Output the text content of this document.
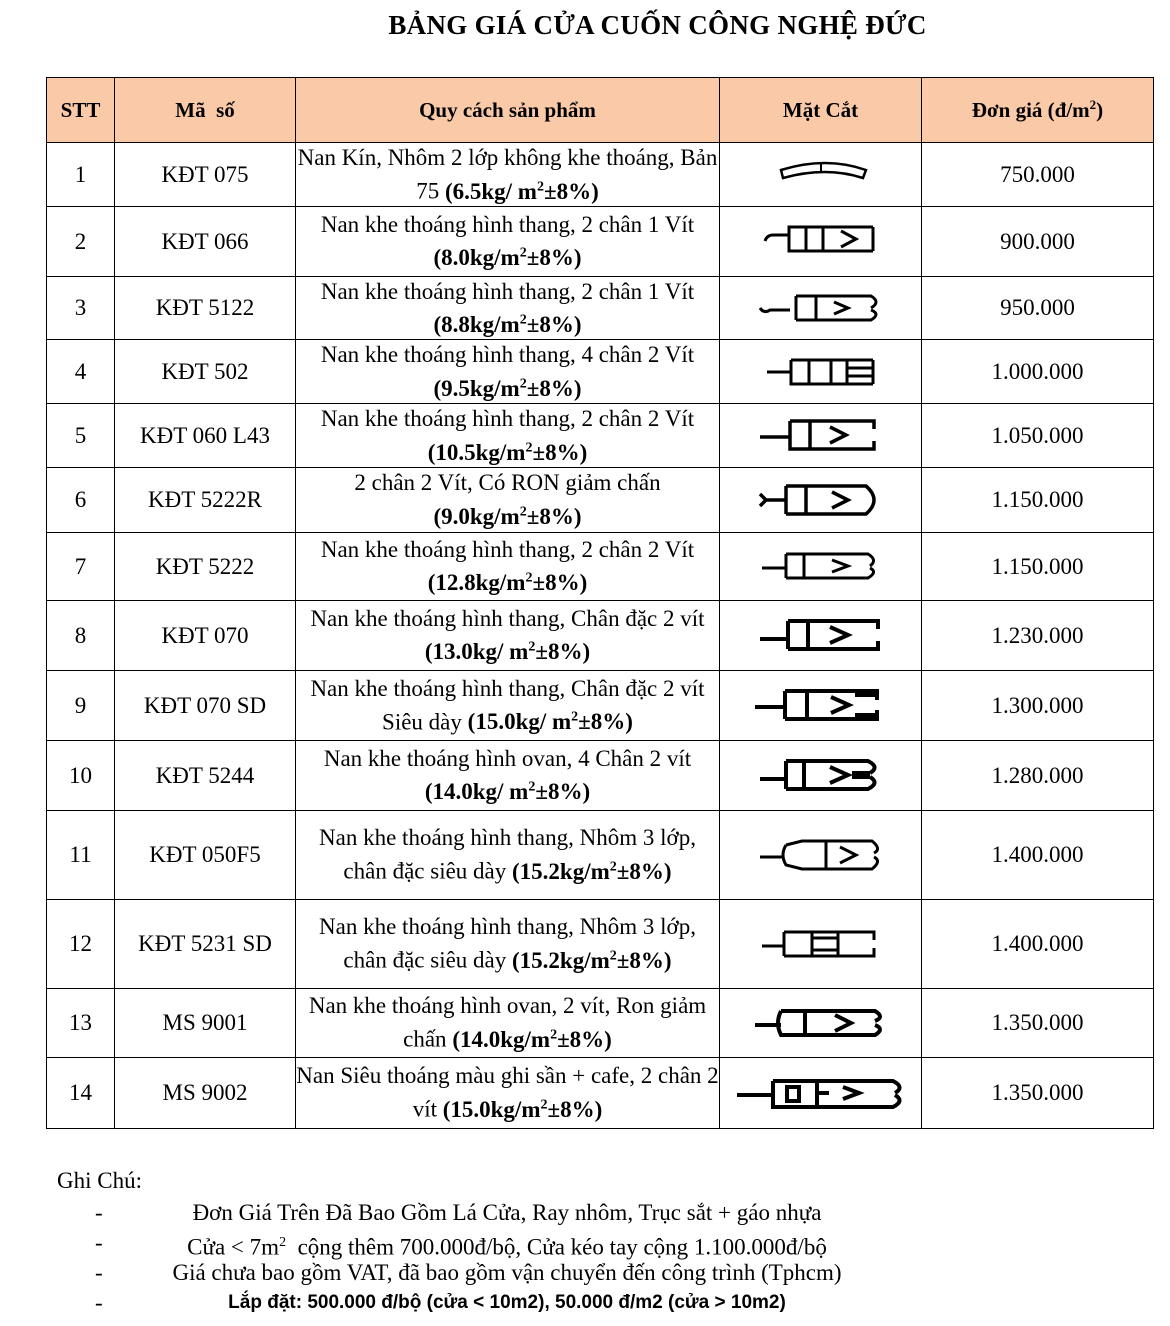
BẢNG GIÁ CỬA CUỐN CÔNG NGHỆ ĐỨC
STT	Mã  số	Quy cách sản phẩm	Mặt Cắt	Đơn giá $(đ/m^2)$
1	KĐT 075	Nan Kín, Nhôm 2 lớp không khe thoáng, Bản 75 (6.5kg/ $m^2\pm 8\%$)		750.000
2	KĐT 066	Nan khe thoáng hình thang, 2 chân 1 Vít $(8.0kg/m^2\pm 8\%)$		900.000
3	KĐT 5122	Nan khe thoáng hình thang, 2 chân 1 Vít $(8.8kg/m^2\pm 8\%)$		950.000
4	KĐT 502	Nan khe thoáng hình thang, 4 chân 2 Vít $(9.5kg/m^2\pm 8\%)$		1.000.000
5	KĐT 060 L43	Nan khe thoáng hình thang, 2 chân 2 Vít $(10.5kg/m^2\pm 8\%)$		1.050.000
6	KĐT 5222R	2 chân 2 Vít, Có RON giảm chấn $(9.0kg/m^2\pm 8\%)$		1.150.000
7	KĐT 5222	Nan khe thoáng hình thang, 2 chân 2 Vít $(12.8kg/m^2\pm 8\%)$		1.150.000
8	KĐT 070	Nan khe thoáng hình thang, Chân đặc 2 vít (13.0kg/ $m^2\pm 8\%$)		1.230.000
9	KĐT 070 SD	Nan khe thoáng hình thang, Chân đặc 2 vít Siêu dày (15.0kg/ $m^2\pm 8\%$)		1.300.000
10	KĐT 5244	Nan khe thoáng hình ovan, 4 Chân 2 vít (14.0kg/ $m^2\pm 8\%$)		1.280.000
11	KĐT 050F5	Nan khe thoáng hình thang, Nhôm 3 lớp, chân đặc siêu dày $(15.2kg/m^2\pm 8\%)$		1.400.000
12	KĐT 5231 SD	Nan khe thoáng hình thang, Nhôm 3 lớp, chân đặc siêu dày $(15.2kg/m^2\pm 8\%)$		1.400.000
13	MS 9001	Nan khe thoáng hình ovan, 2 vít, Ron giảm chấn $(14.0kg/m^2\pm 8\%)$		1.350.000
14	MS 9002	Nan Siêu thoáng màu ghi sần + cafe, 2 chân 2 vít $(15.0kg/m^2\pm 8\%)$		1.350.000
Ghi Chú:
-	Đơn Giá Trên Đã Bao Gồm Lá Cửa, Ray nhôm, Trục sắt + gáo nhựa
-	Cửa < $7m^2$  cộng thêm 700.000đ/bộ, Cửa kéo tay cộng 1.100.000đ/bộ
-	Giá chưa bao gồm VAT, đã bao gồm vận chuyển đến công trình (Tphcm)
-	Lắp đặt: 500.000 đ/bộ (cửa < 10m2), 50.000 đ/m2 (cửa > 10m2)
